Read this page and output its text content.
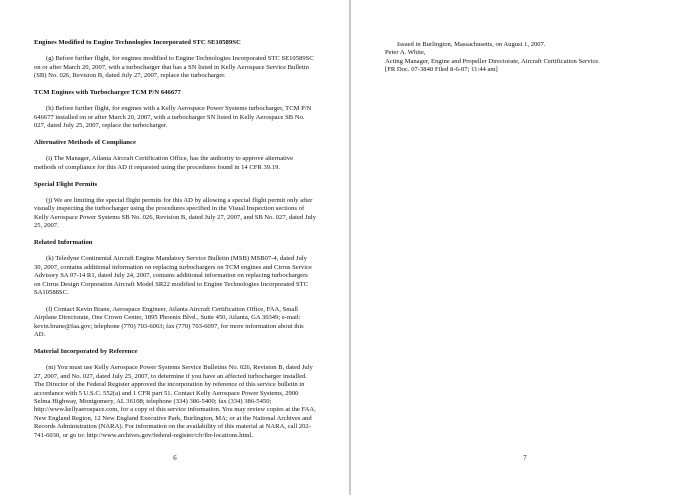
Engines Modified to Engine Technologies Incorporated STC SE10589SC

(g) Before further flight, for engines modified to Engine Technologies Incorporated STC SE10589SC on or after March 20, 2007, with a turbocharger that has a SN listed in Kelly Aerospace Service Bulletin (SB) No. 026, Revision B, dated July 27, 2007, replace the turbocharger.

TCM Engines with Turbocharger TCM P/N 646677

(h) Before further flight, for engines with a Kelly Aerospace Power Systems turbocharger, TCM P/N 646677 installed on or after March 20, 2007, with a turbocharger SN listed in Kelly Aerospace SB No. 027, dated July 25, 2007, replace the turbocharger.

Alternative Methods of Compliance

(i) The Manager, Atlanta Aircraft Certification Office, has the authority to approve alternative methods of compliance for this AD if requested using the procedures found in 14 CFR 39.19.

Special Flight Permits

(j) We are limiting the special flight permits for this AD by allowing a special flight permit only after visually inspecting the turbocharger using the procedures specified in the Visual Inspection sections of Kelly Aerospace Power Systems SB No. 026, Revision B, dated July 27, 2007, and SB No. 027, dated July 25, 2007.

Related Information

(k) Teledyne Continental Aircraft Engine Mandatory Service Bulletin (MSB) MSB07-4, dated July 30, 2007, contains additional information on replacing turbochargers on TCM engines and Cirrus Service Advisory SA 07-14 R1, dated July 24, 2007, contains additional information on replacing turbochargers on Cirrus Design Corporation Aircraft Model SR22 modified to Engine Technologies Incorporated STC SA10588SC.

(l) Contact Kevin Brane, Aerospace Engineer, Atlanta Aircraft Certification Office, FAA, Small Airplane Directorate, One Crown Center, 1895 Phoenix Blvd., Suite 450, Atlanta, GA 30349; e-mail: kevin.brane@faa.gov; telephone (770) 703-6063; fax (770) 703-6097, for more information about this AD.

Material Incorporated by Reference

(m) You must use Kelly Aerospace Power Systems Service Bulletins No. 026, Revision B, dated July 27, 2007, and No. 027, dated July 25, 2007, to determine if you have an affected turbocharger installed. The Director of the Federal Register approved the incorporation by reference of this service bulletin in accordance with 5 U.S.C. 552(a) and 1 CFR part 51. Contact Kelly Aerospace Power Systems, 2900 Selma Highway, Montgomery, AL 36108; telephone (334) 386-5400; fax (334) 386-5450; http://www.kellyaerospace.com, for a copy of this service information. You may review copies at the FAA, New England Region, 12 New England Executive Park, Burlington, MA; or at the National Archives and Records Administration (NARA). For information on the availability of this material at NARA, call 202-741-6030, or go to: http://www.archives.gov/federal-register/cfr/ibr-locations.html.

6
Issued in Burlington, Massachusetts, on August 1, 2007.

Peter A. White,

Acting Manager, Engine and Propeller Directorate, Aircraft Certification Service.

[FR Doc. 07-3840 Filed 8-6-07; 11:44 am]

7
